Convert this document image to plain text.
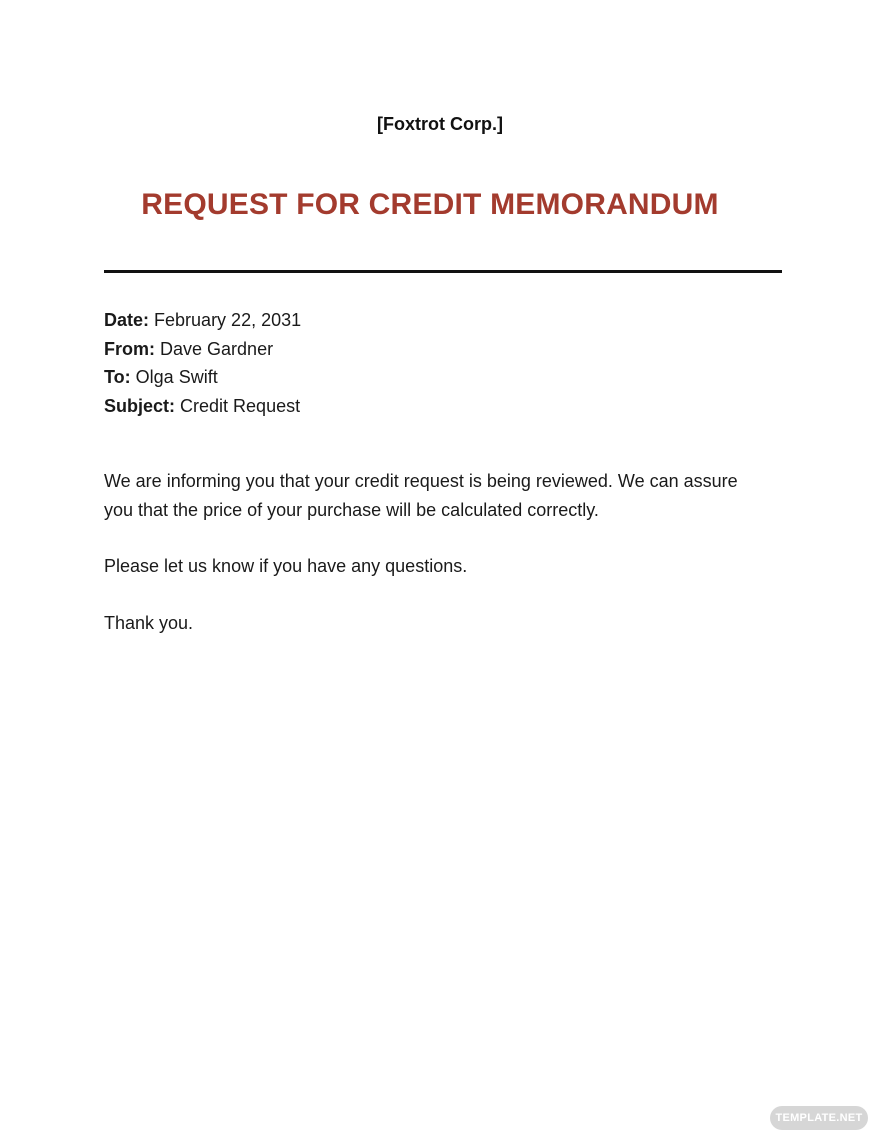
[Foxtrot Corp.]
REQUEST FOR CREDIT MEMORANDUM
Date: February 22, 2031
From: Dave Gardner
To: Olga Swift
Subject: Credit Request

We are informing you that your credit request is being reviewed. We can assure you that the price of your purchase will be calculated correctly.

Please let us know if you have any questions.

Thank you.

TEMPLATE.NET
